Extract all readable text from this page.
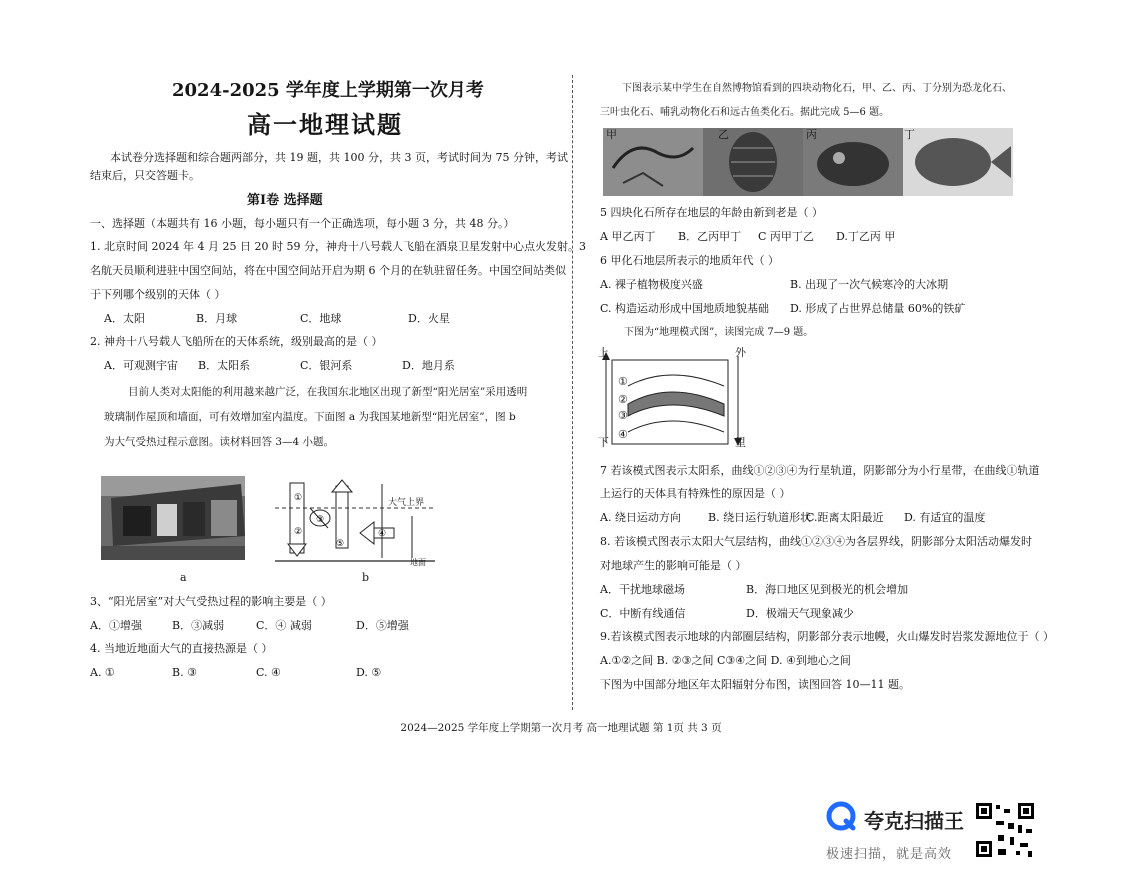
2024-2025 学年度上学期第一次月考
高一地理试题
本试卷分选择题和综合题两部分，共 19 题，共 100 分，共 3 页，考试时间为 75 分钟，考试
结束后，只交答题卡。
第Ⅰ卷 选择题
一、选择题（本题共有 16 小题，每小题只有一个正确选项，每小题 3 分，共 48 分。）
1. 北京时间 2024 年 4 月 25 日 20 时 59 分，神舟十八号载人飞船在酒泉卫星发射中心点火发射。3
名航天员顺利进驻中国空间站，将在中国空间站开启为期 6 个月的在轨驻留任务。中国空间站类似
于下列哪个级别的天体（ ）
A．太阳	B．月球	C．地球	D．火星
2. 神舟十八号载人飞船所在的天体系统，级别最高的是（ ）
A．可观测宇宙 B．太阳系	C．银河系	D．地月系
目前人类对太阳能的利用越来越广泛，在我国东北地区出现了新型“阳光居室”采用透明
玻璃制作屋顶和墙面，可有效增加室内温度。下面图 a 为我国某地新型“阳光居室”，图 b
为大气受热过程示意图。读材料回答 3—4 小题。
a
①
②
③
⑤
④
大气上界
地面
b
3、“阳光居室”对大气受热过程的影响主要是（ ）
A．①增强	B．③减弱	C．④ 减弱	D．⑤增强
4. 当地近地面大气的直接热源是（ ）
A. ①	B. ③	C. ④	D. ⑤
下图表示某中学生在自然博物馆看到的四块动物化石，甲、乙、丙、丁分别为恐龙化石、
三叶虫化石、哺乳动物化石和远古鱼类化石。据此完成 5—6 题。
甲	乙	丙	丁
5 四块化石所存在地层的年龄由新到老是（ ）
A 甲乙丙丁 B．乙丙甲丁 C 丙甲丁乙 D.丁乙丙 甲
6 甲化石地层所表示的地质年代（ ）
A. 裸子植物极度兴盛	B. 出现了一次气候寒冷的大冰期
C. 构造运动形成中国地质地貌基础 D. 形成了占世界总储量 60%的铁矿
下图为“地理模式图”，读图完成 7—9 题。
上
下
外
里
①
②
③
④
7 若该模式图表示太阳系，曲线①②③④为行星轨道，阴影部分为小行星带，在曲线①轨道
上运行的天体具有特殊性的原因是（ ）
A. 绕日运动方向 B. 绕日运行轨道形状
C.距离太阳最近 D. 有适宜的温度
8. 若该模式图表示太阳大气层结构，曲线①②③④为各层界线，阴影部分太阳活动爆发时
对地球产生的影响可能是（ ）
A．干扰地球磁场	B．海口地区见到极光的机会增加
C．中断有线通信	D．极端天气现象减少
9.若该模式图表示地球的内部圈层结构，阴影部分表示地幔，火山爆发时岩浆发源地位于（ ）
A.①②之间 B. ②③之间 C③④之间 D. ④到地心之间
下图为中国部分地区年太阳辐射分布图，读图回答 10—11 题。
2024—2025 学年度上学期第一次月考 高一地理试题 第 1页 共 3 页
夸克扫描王
极速扫描，就是高效
